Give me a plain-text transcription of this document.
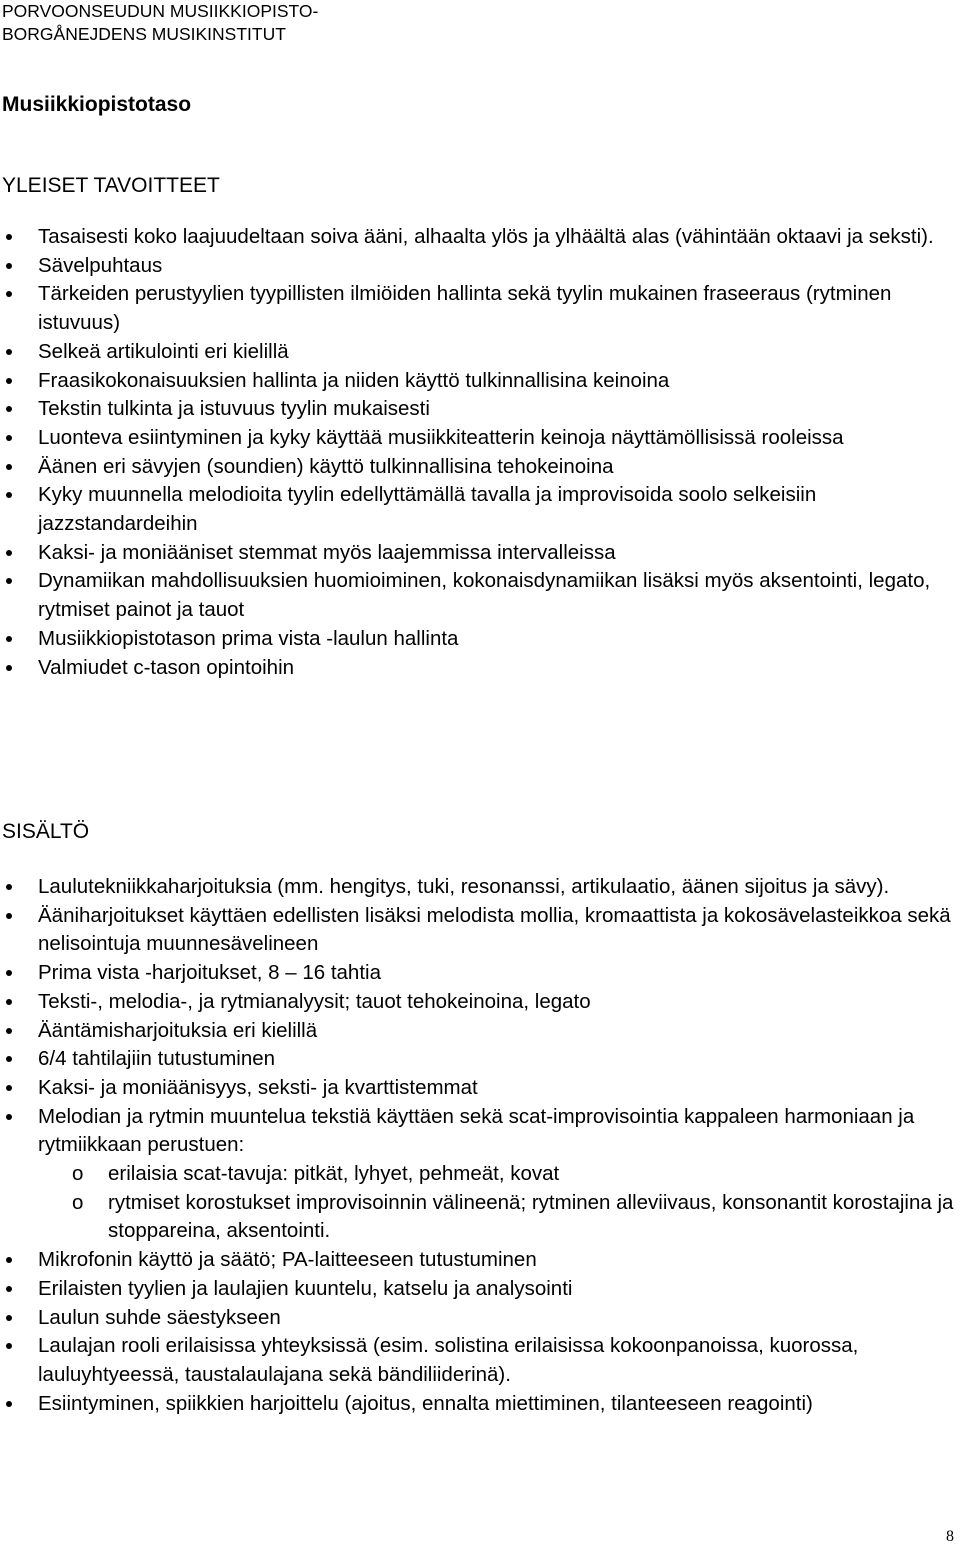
PORVOONSEUDUN MUSIIKKIOPISTO-
BORGÅNEJDENS MUSIKINSTITUT
Musiikkiopistotaso
YLEISET TAVOITTEET
Tasaisesti koko laajuudeltaan soiva ääni, alhaalta ylös ja ylhäältä alas (vähintään oktaavi ja seksti).
Sävelpuhtaus
Tärkeiden perustyylien tyypillisten ilmiöiden hallinta sekä tyylin mukainen fraseeraus (rytminen istuvuus)
Selkeä artikulointi eri kielillä
Fraasikokonaisuuksien hallinta ja niiden käyttö tulkinnallisina keinoina
Tekstin tulkinta ja istuvuus tyylin mukaisesti
Luonteva esiintyminen ja kyky käyttää musiikkiteatterin keinoja näyttämöllisissä rooleissa
Äänen eri sävyjen (soundien) käyttö tulkinnallisina tehokeinoina
Kyky muunnella melodioita tyylin edellyttämällä tavalla ja improvisoida soolo selkeisiin jazzstandardeihin
Kaksi- ja moniääniset stemmat myös laajemmissa intervalleissa
Dynamiikan mahdollisuuksien huomioiminen, kokonaisdynamiikan lisäksi myös aksentointi, legato, rytmiset painot ja tauot
Musiikkiopistotason prima vista -laulun hallinta
Valmiudet c-tason opintoihin
SISÄLTÖ
Laulutekniikkaharjoituksia (mm. hengitys, tuki, resonanssi, artikulaatio, äänen sijoitus ja sävy).
Ääniharjoitukset käyttäen edellisten lisäksi melodista mollia, kromaattista ja kokosävelasteikkoa sekä nelisointuja muunnesävelineen
Prima vista -harjoitukset, 8 – 16 tahtia
Teksti-, melodia-, ja rytmianalyysit; tauot tehokeinoina, legato
Ääntämisharjoituksia eri kielillä
6/4 tahtilajiin tutustuminen
Kaksi- ja moniäänisyys, seksti- ja kvarttistemmat
Melodian ja rytmin muuntelua tekstiä käyttäen sekä scat-improvisointia kappaleen harmoniaan ja rytmiikkaan perustuen:
o erilaisia scat-tavuja: pitkät, lyhyet, pehmeät, kovat
o rytmiset korostukset improvisoinnin välineenä; rytminen alleviivaus, konsonantit korostajina ja stoppareina, aksentointi.
Mikrofonin käyttö ja säätö; PA-laitteeseen tutustuminen
Erilaisten tyylien ja laulajien kuuntelu, katselu ja analysointi
Laulun suhde säestykseen
Laulajan rooli erilaisissa yhteyksissä (esim. solistina erilaisissa kokoonpanoissa, kuorossa, lauluyhtyeessä, taustalaulajana sekä bändiliiderinä).
Esiintyminen, spiikkien harjoittelu (ajoitus, ennalta miettiminen, tilanteeseen reagointi)
8
